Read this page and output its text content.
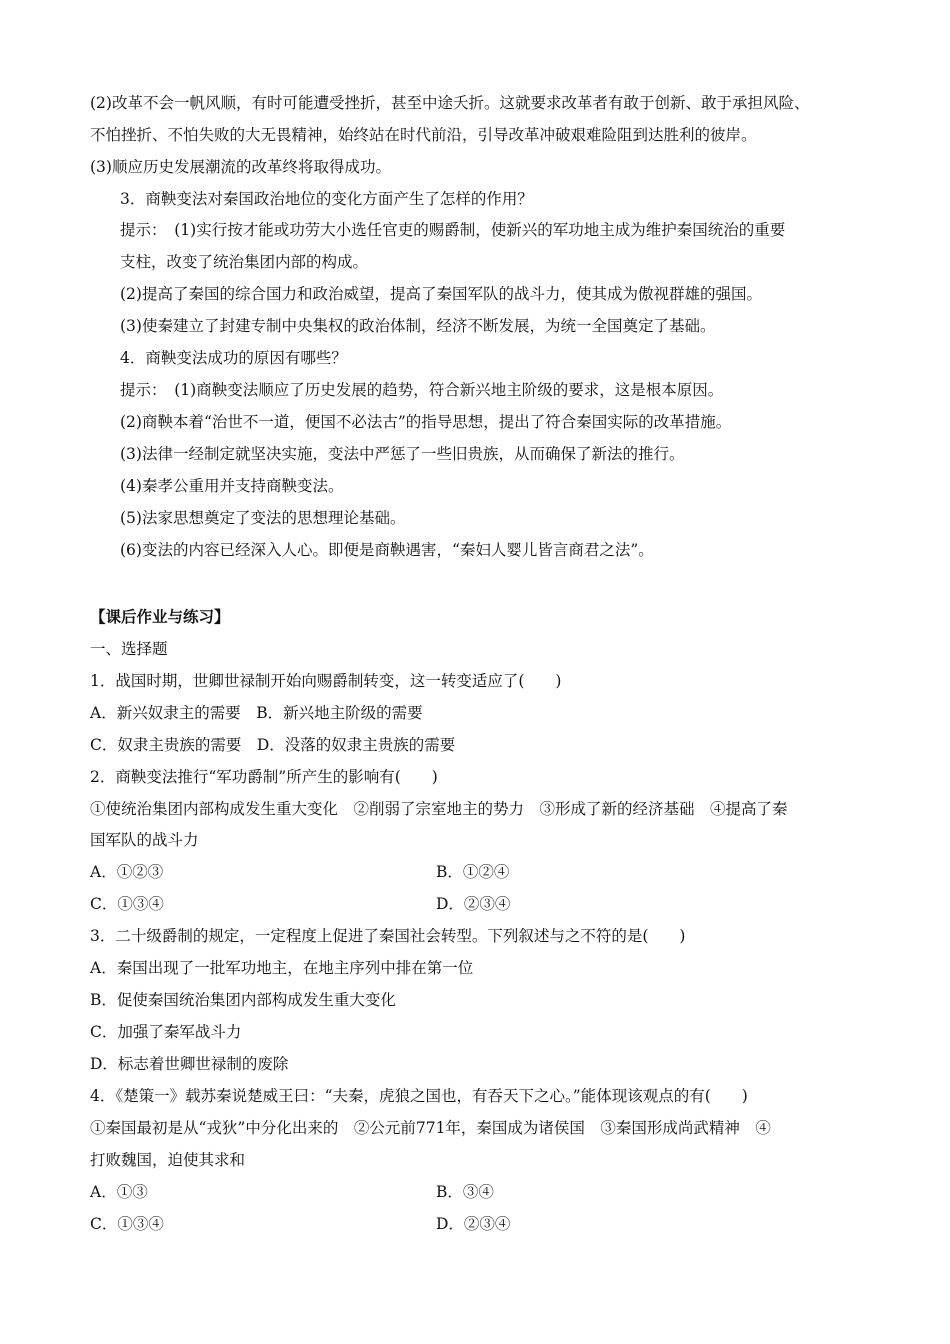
(2)改革不会一帆风顺，有时可能遭受挫折，甚至中途夭折。这就要求改革者有敢于创新、敢于承担风险、
不怕挫折、不怕失败的大无畏精神，始终站在时代前沿，引导改革冲破艰难险阻到达胜利的彼岸。
(3)顺应历史发展潮流的改革终将取得成功。
3．商鞅变法对秦国政治地位的变化方面产生了怎样的作用？
提示：　(1)实行按才能或功劳大小选任官吏的赐爵制，使新兴的军功地主成为维护秦国统治的重要
支柱，改变了统治集团内部的构成。
(2)提高了秦国的综合国力和政治威望，提高了秦国军队的战斗力，使其成为傲视群雄的强国。
(3)使秦建立了封建专制中央集权的政治体制，经济不断发展，为统一全国奠定了基础。
4．商鞅变法成功的原因有哪些？
提示：　(1)商鞅变法顺应了历史发展的趋势，符合新兴地主阶级的要求，这是根本原因。
(2)商鞅本着“治世不一道，便国不必法古”的指导思想，提出了符合秦国实际的改革措施。
(3)法律一经制定就坚决实施，变法中严惩了一些旧贵族，从而确保了新法的推行。
(4)秦孝公重用并支持商鞅变法。
(5)法家思想奠定了变法的思想理论基础。
(6)变法的内容已经深入人心。即便是商鞅遇害，“秦妇人婴儿皆言商君之法”。
【课后作业与练习】
一、选择题
1．战国时期，世卿世禄制开始向赐爵制转变，这一转变适应了(　　)
A．新兴奴隶主的需要　B．新兴地主阶级的需要
C．奴隶主贵族的需要　D．没落的奴隶主贵族的需要
2．商鞅变法推行“军功爵制”所产生的影响有(　　)
①使统治集团内部构成发生重大变化　②削弱了宗室地主的势力　③形成了新的经济基础　④提高了秦
国军队的战斗力
A．①②③	B．①②④
C．①③④	D．②③④
3．二十级爵制的规定，一定程度上促进了秦国社会转型。下列叙述与之不符的是(　　)
A．秦国出现了一批军功地主，在地主序列中排在第一位
B．促使秦国统治集团内部构成发生重大变化
C．加强了秦军战斗力
D．标志着世卿世禄制的废除
4．《楚策一》载苏秦说楚威王曰：“夫秦，虎狼之国也，有吞天下之心。”能体现该观点的有(　　)
①秦国最初是从“戎狄”中分化出来的　②公元前771年，秦国成为诸侯国　③秦国形成尚武精神　④
打败魏国，迫使其求和
A．①③	B．③④
C．①③④	D．②③④
